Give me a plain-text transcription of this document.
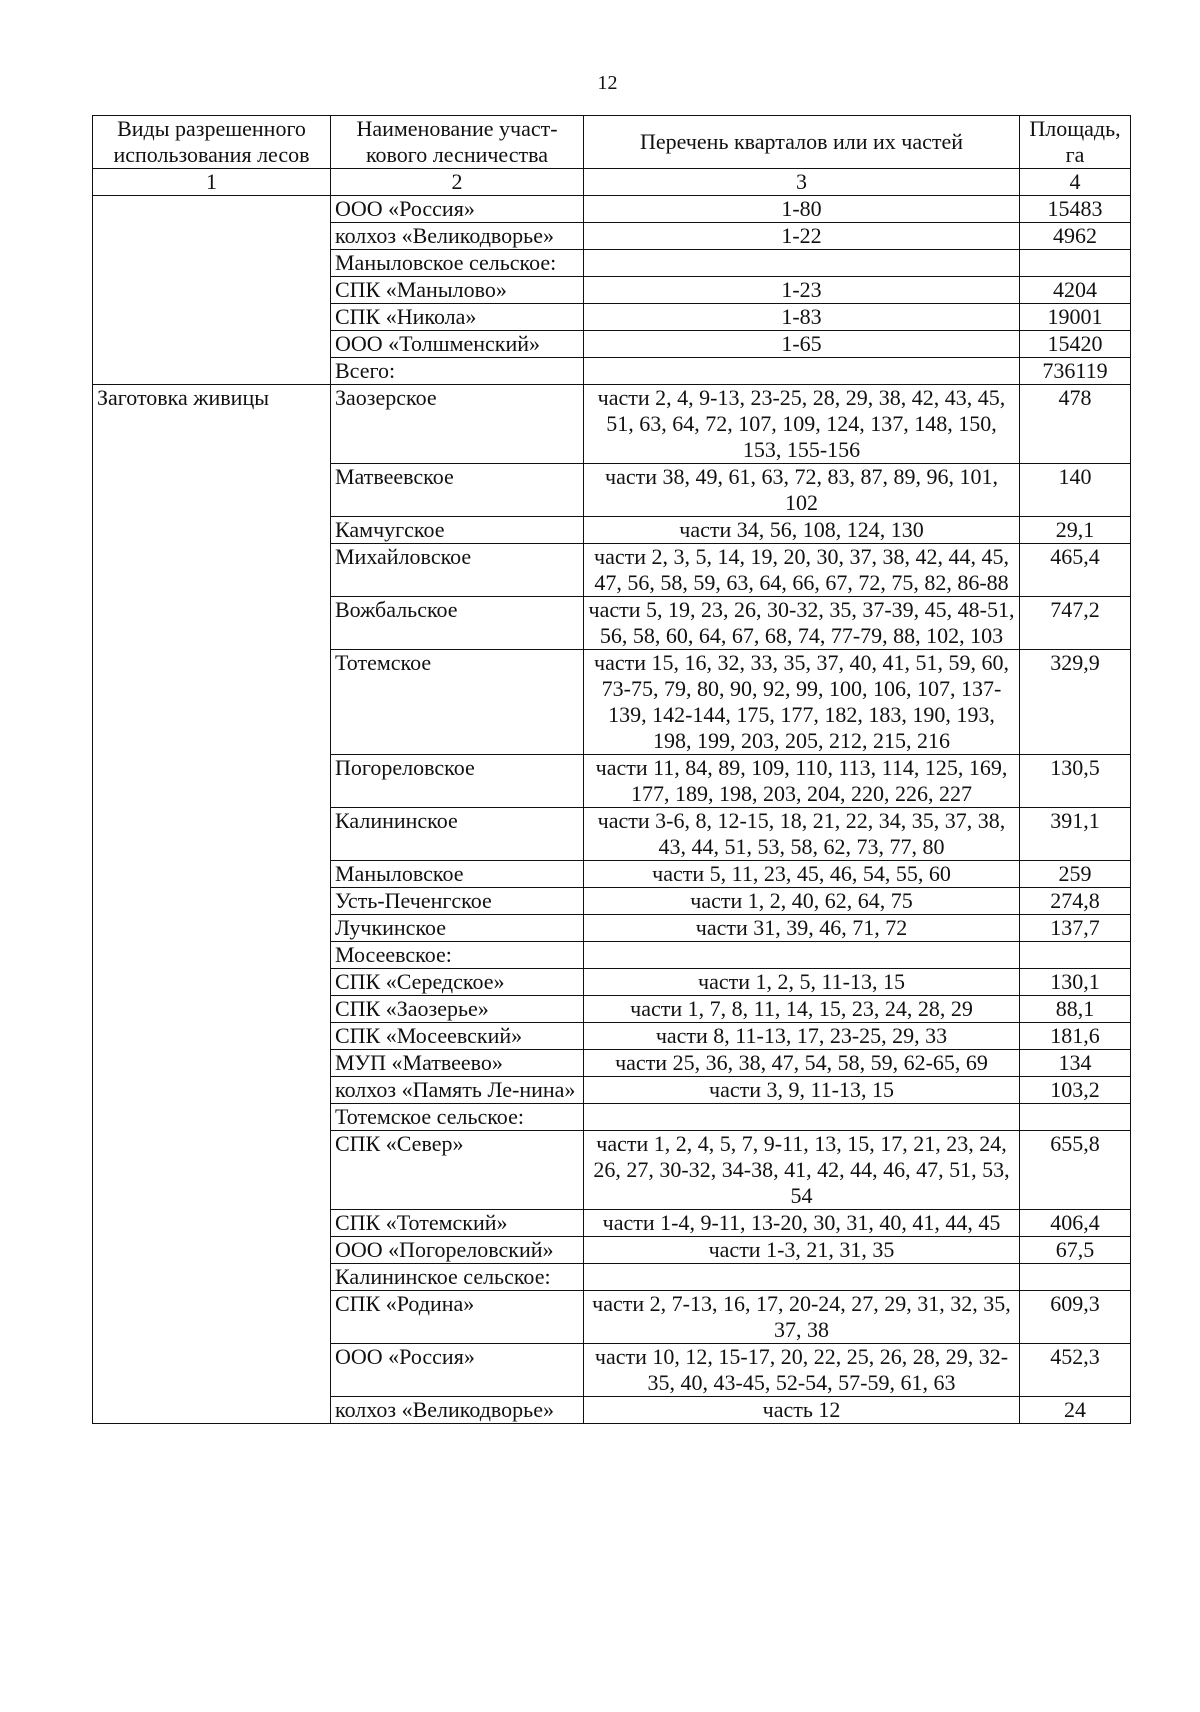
12
Виды разрешенного использования лесов	Наименование участ-кового лесничества	Перечень кварталов или их частей	Площадь, га
1	2	3	4
	ООО «Россия»	1-80	15483
	колхоз «Великодворье»	1-22	4962
	Маныловское сельское:		
	СПК «Манылово»	1-23	4204
	СПК «Никола»	1-83	19001
	ООО «Толшменский»	1-65	15420
	Всего:		736119
Заготовка живицы	Заозерское	части 2, 4, 9-13, 23-25, 28, 29, 38, 42, 43, 45, 51, 63, 64, 72, 107, 109, 124, 137, 148, 150, 153, 155-156	478
	Матвеевское	части 38, 49, 61, 63, 72, 83, 87, 89, 96, 101, 102	140
	Камчугское	части 34, 56, 108, 124, 130	29,1
	Михайловское	части 2, 3, 5, 14, 19, 20, 30, 37, 38, 42, 44, 45, 47, 56, 58, 59, 63, 64, 66, 67, 72, 75, 82, 86-88	465,4
	Вожбальское	части 5, 19, 23, 26, 30-32, 35, 37-39, 45, 48-51, 56, 58, 60, 64, 67, 68, 74, 77-79, 88, 102, 103	747,2
	Тотемское	части 15, 16, 32, 33, 35, 37, 40, 41, 51, 59, 60, 73-75, 79, 80, 90, 92, 99, 100, 106, 107, 137-139, 142-144, 175, 177, 182, 183, 190, 193, 198, 199, 203, 205, 212, 215, 216	329,9
	Погореловское	части 11, 84, 89, 109, 110, 113, 114, 125, 169, 177, 189, 198, 203, 204, 220, 226, 227	130,5
	Калининское	части 3-6, 8, 12-15, 18, 21, 22, 34, 35, 37, 38, 43, 44, 51, 53, 58, 62, 73, 77, 80	391,1
	Маныловское	части 5, 11, 23, 45, 46, 54, 55, 60	259
	Усть-Печенгское	части 1, 2, 40, 62, 64, 75	274,8
	Лучкинское	части 31, 39, 46, 71, 72	137,7
	Мосеевское:		
	СПК «Середское»	части 1, 2, 5, 11-13, 15	130,1
	СПК «Заозерье»	части 1, 7, 8, 11, 14, 15, 23, 24, 28, 29	88,1
	СПК «Мосеевский»	части 8, 11-13, 17, 23-25, 29, 33	181,6
	МУП «Матвеево»	части 25, 36, 38, 47, 54, 58, 59, 62-65, 69	134
	колхоз «Память Ле-нина»	части 3, 9, 11-13, 15	103,2
	Тотемское сельское:		
	СПК «Север»	части 1, 2, 4, 5, 7, 9-11, 13, 15, 17, 21, 23, 24, 26, 27, 30-32, 34-38, 41, 42, 44, 46, 47, 51, 53, 54	655,8
	СПК «Тотемский»	части 1-4, 9-11, 13-20, 30, 31, 40, 41, 44, 45	406,4
	ООО «Погореловский»	части 1-3, 21, 31, 35	67,5
	Калининское сельское:		
	СПК «Родина»	части 2, 7-13, 16, 17, 20-24, 27, 29, 31, 32, 35, 37, 38	609,3
	ООО «Россия»	части 10, 12, 15-17, 20, 22, 25, 26, 28, 29, 32-35, 40, 43-45, 52-54, 57-59, 61, 63	452,3
	колхоз «Великодворье»	часть 12	24
